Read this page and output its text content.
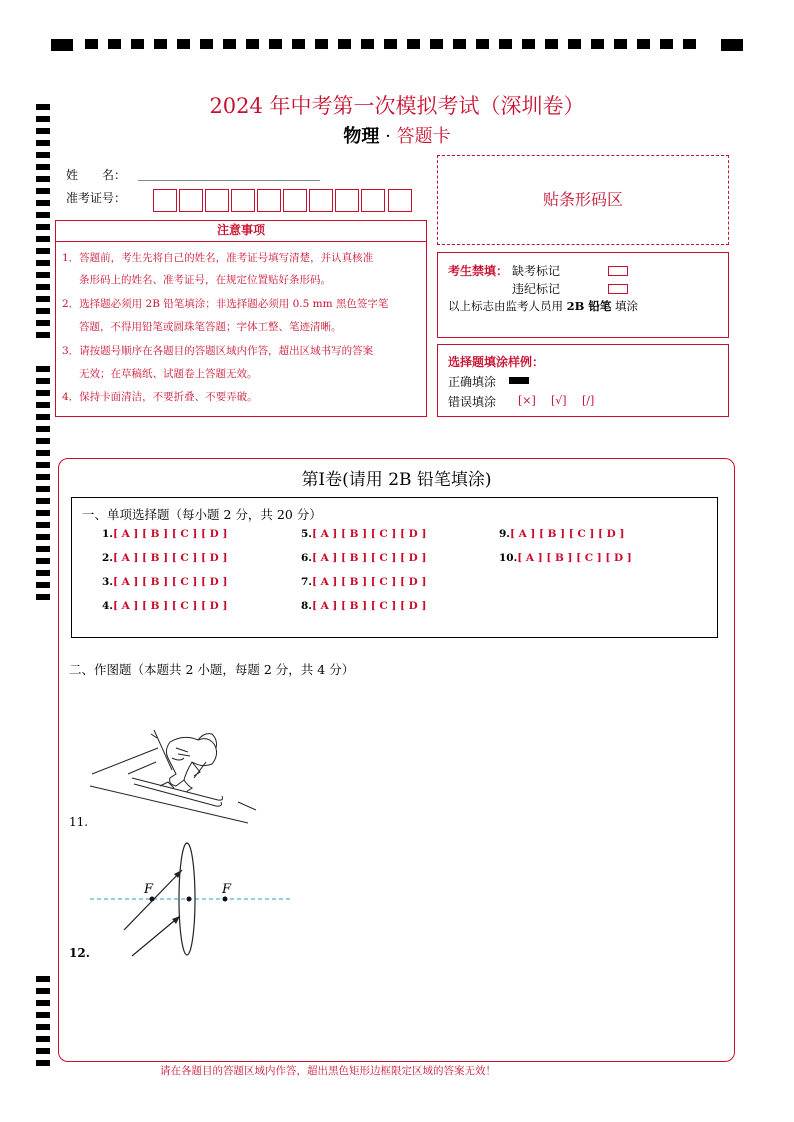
2024 年中考第一次模拟考试（深圳卷）
物理 · 答题卡
姓　　名：
准考证号：	贴条形码区
注意事项
1．答题前，考生先将自己的姓名，准考证号填写清楚，并认真核准
条形码上的姓名、准考证号，在规定位置贴好条形码。
2．选择题必须用 2B 铅笔填涂；非选择题必须用 0.5 mm 黑色签字笔
答题，不得用铅笔或圆珠笔答题；字体工整、笔迹清晰。
3．请按题号顺序在各题目的答题区域内作答，超出区域书写的答案
无效；在草稿纸、试题卷上答题无效。
4．保持卡面清洁，不要折叠、不要弄破。
考生禁填： 缺考标记
违纪标记
以上标志由监考人员用 2B 铅笔 填涂
选择题填涂样例：
正确填涂
错误填涂 [×] [√] [/]
第Ⅰ卷(请用 2B 铅笔填涂)
一、单项选择题（每小题 2 分，共 20 分）
1.[ A ] [ B ] [ C ] [ D ]
2.[ A ] [ B ] [ C ] [ D ]
3.[ A ] [ B ] [ C ] [ D ]
4.[ A ] [ B ] [ C ] [ D ]
5.[ A ] [ B ] [ C ] [ D ]
6.[ A ] [ B ] [ C ] [ D ]
7.[ A ] [ B ] [ C ] [ D ]
8.[ A ] [ B ] [ C ] [ D ]
9.[ A ] [ B ] [ C ] [ D ]
10.[ A ] [ B ] [ C ] [ D ]
二、作图题（本题共 2 小题，每题 2 分，共 4 分）
11.
F	F
12.
请在各题目的答题区域内作答，超出黑色矩形边框限定区域的答案无效！
